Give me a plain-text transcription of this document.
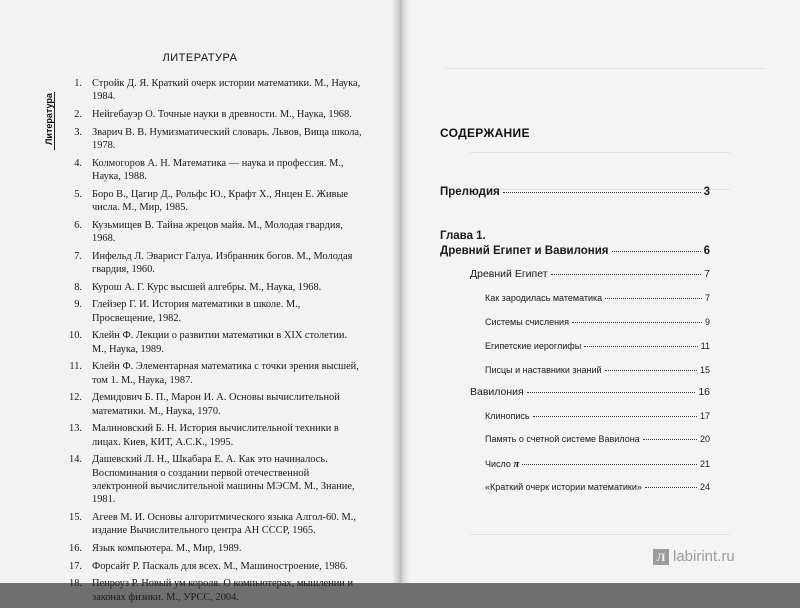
Литература
ЛИТЕРАТУРА
1. Стройк Д. Я. Краткий очерк истории математики. М., Наука, 1984.
2. Нейгебауэр О. Точные науки в древности. М., Наука, 1968.
3. Зварич В. В. Нумизматический словарь. Львов, Вища школа, 1978.
4. Колмогоров А. Н. Математика — наука и профессия. М., Наука, 1988.
5. Боро В., Цагир Д., Рольфс Ю., Крафт Х., Янцен Е. Живые числа. М., Мир, 1985.
6. Кузьмищев В. Тайна жрецов майя. М., Молодая гвардия, 1968.
7. Инфельд Л. Эварист Галуа. Избранник богов. М., Молодая гвардия, 1960.
8. Курош А. Г. Курс высшей алгебры. М., Наука, 1968.
9. Глейзер Г. И. История математики в школе. М., Просвещение, 1982.
10. Клейн Ф. Лекции о развитии математики в XIX столетии. М., Наука, 1989.
11. Клейн Ф. Элементарная математика с точки зрения высшей, том 1. М., Наука, 1987.
12. Демидович Б. П., Марон И. А. Основы вычислительной математики. М., Наука, 1970.
13. Малиновский Б. Н. История вычислительной техники в лицах. Киев, КИТ, А.С.К., 1995.
14. Дашевский Л. Н., Шкабара Е. А. Как это начиналось. Воспоминания о создании первой отечественной электронной вычислительной машины МЭСМ. М., Знание, 1981.
15. Агеев М. И. Основы алгоритмического языка Алгол-60. М., издание Вычислительного центра АН СССР, 1965.
16. Язык компьютера. М., Мир, 1989.
17. Форсайт Р. Паскаль для всех. М., Машиностроение, 1986.
18. Пенроуз Р. Новый ум короля. О компьютерах, мышлении и законах физики. М., УРСС, 2004.
СОДЕРЖАНИЕ
Прелюдия	3
Глава 1.
Древний Египет и Вавилония	6
Древний Египет	7
Как зародилась математика	7
Системы счисления	9
Египетские иероглифы	11
Писцы и наставники знаний	15
Вавилония	16
Клинопись	17
Память о счетной системе Вавилона	20
Число π	21
«Краткий очерк истории математики»	24
Л labirint.ru
